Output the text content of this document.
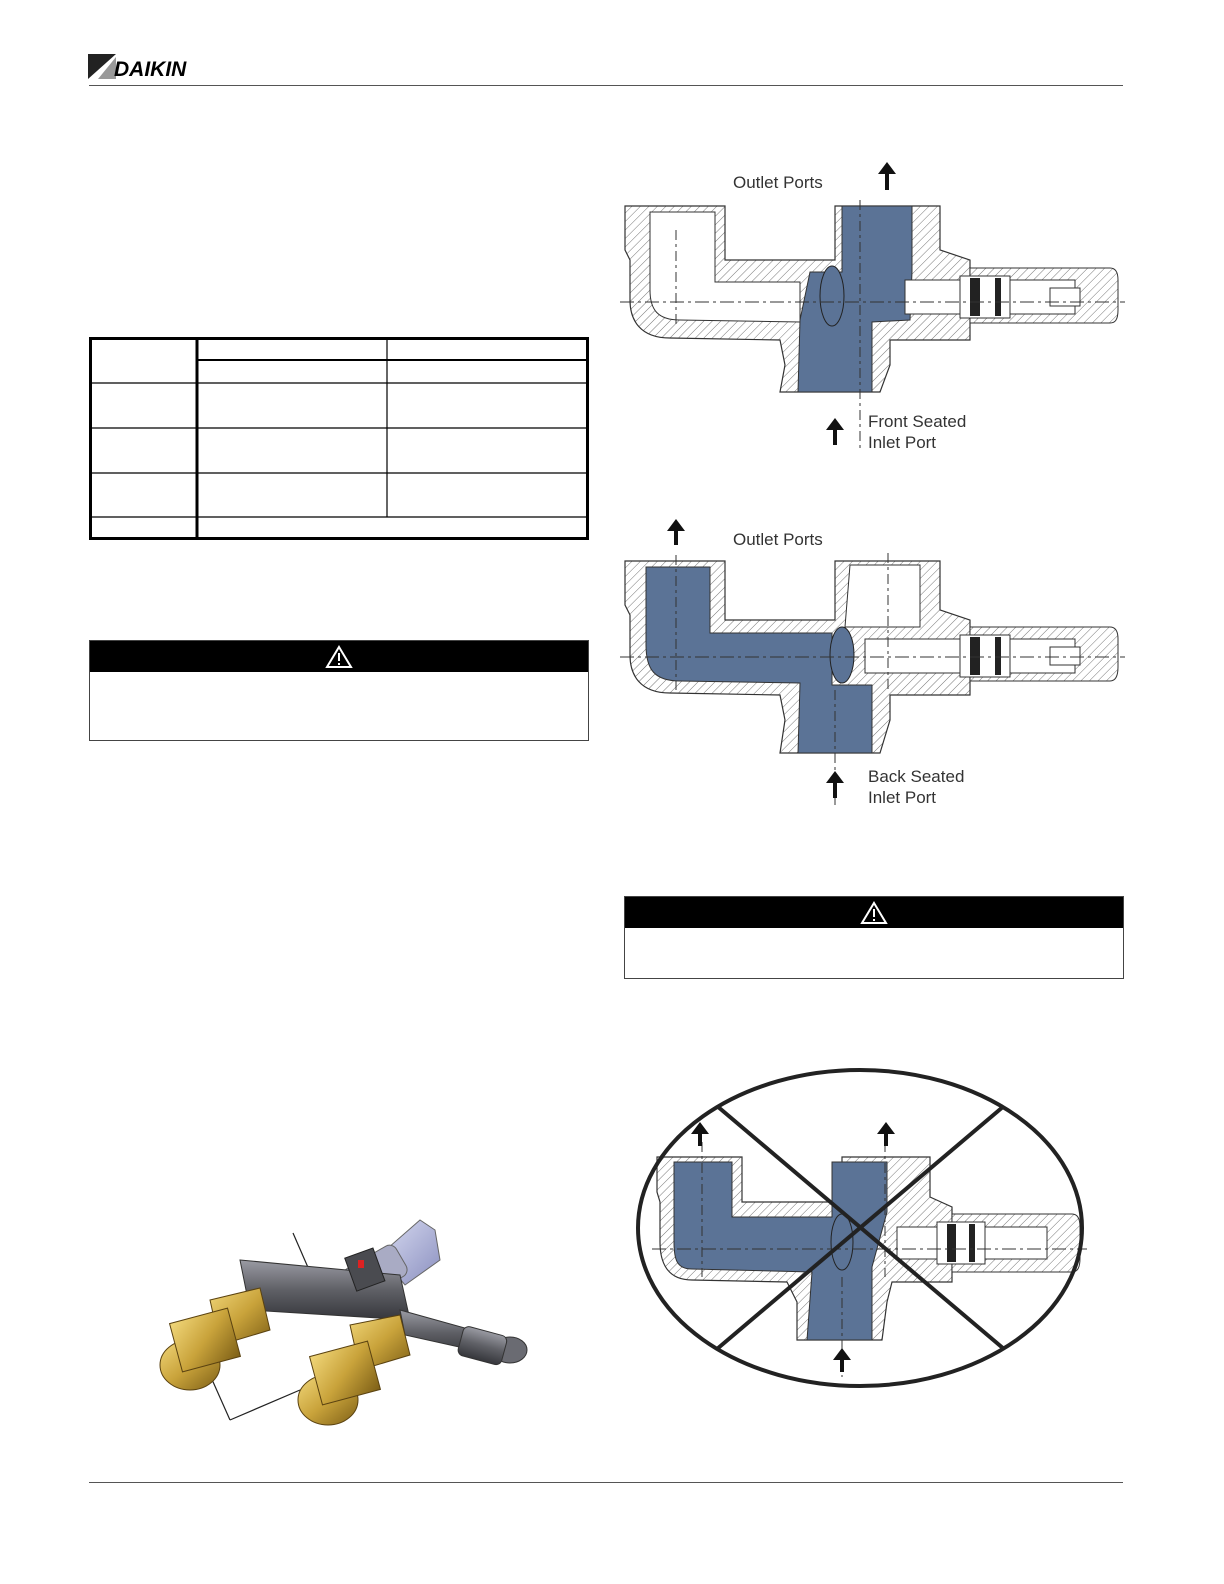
DAIKIN
Outlet Ports
Front Seated
Inlet Port
Outlet Ports
Back Seated
Inlet Port
